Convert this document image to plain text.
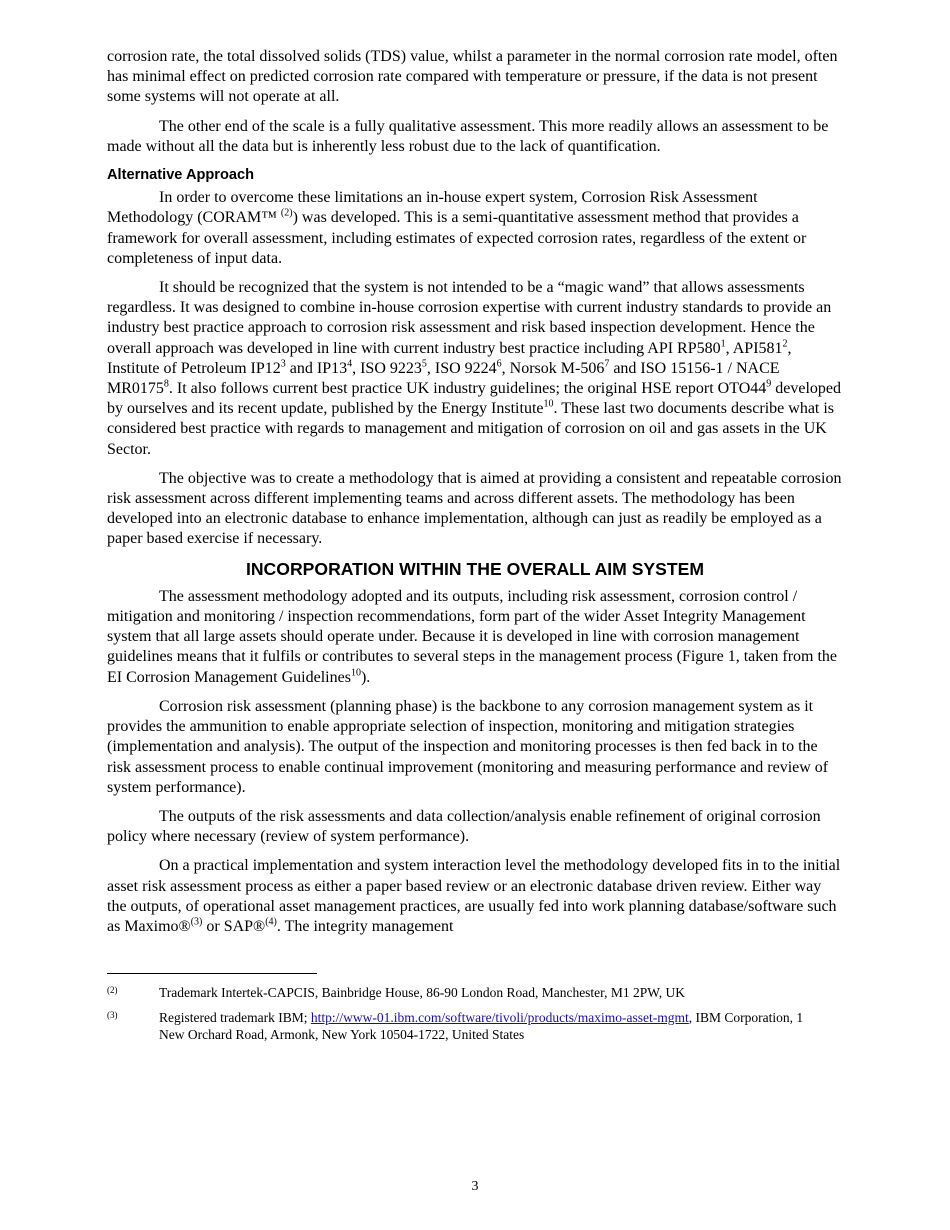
corrosion rate, the total dissolved solids (TDS) value, whilst a parameter in the normal corrosion rate model, often has minimal effect on predicted corrosion rate compared with temperature or pressure, if the data is not present some systems will not operate at all.

The other end of the scale is a fully qualitative assessment. This more readily allows an assessment to be made without all the data but is inherently less robust due to the lack of quantification.

Alternative Approach

In order to overcome these limitations an in-house expert system, Corrosion Risk Assessment Methodology (CORAM™ $^{(2)}$) was developed. This is a semi-quantitative assessment method that provides a framework for overall assessment, including estimates of expected corrosion rates, regardless of the extent or completeness of input data.

It should be recognized that the system is not intended to be a “magic wand” that allows assessments regardless. It was designed to combine in-house corrosion expertise with current industry standards to provide an industry best practice approach to corrosion risk assessment and risk based inspection development. Hence the overall approach was developed in line with current industry best practice including API $RP580^1$, $API581^2$, Institute of Petroleum $IP12^3$ and $IP13^4$, ISO 9223$^5$, ISO 9224$^6$, Norsok $M-506^7$ and ISO 15156-1 / NACE MR0175$^8$. It also follows current best practice UK industry guidelines; the original HSE report $OTO44^9$ developed by ourselves and its recent update, published by the Energy Institute$^{10}$. These last two documents describe what is considered best practice with regards to management and mitigation of corrosion on oil and gas assets in the UK Sector.

The objective was to create a methodology that is aimed at providing a consistent and repeatable corrosion risk assessment across different implementing teams and across different assets. The methodology has been developed into an electronic database to enhance implementation, although can just as readily be employed as a paper based exercise if necessary.

INCORPORATION WITHIN THE OVERALL AIM SYSTEM

The assessment methodology adopted and its outputs, including risk assessment, corrosion control / mitigation and monitoring / inspection recommendations, form part of the wider Asset Integrity Management system that all large assets should operate under. Because it is developed in line with corrosion management guidelines means that it fulfils or contributes to several steps in the management process (Figure 1, taken from the EI Corrosion Management Guidelines$^{10}$).

Corrosion risk assessment (planning phase) is the backbone to any corrosion management system as it provides the ammunition to enable appropriate selection of inspection, monitoring and mitigation strategies (implementation and analysis). The output of the inspection and monitoring processes is then fed back in to the risk assessment process to enable continual improvement (monitoring and measuring performance and review of system performance).

The outputs of the risk assessments and data collection/analysis enable refinement of original corrosion policy where necessary (review of system performance).

On a practical implementation and system interaction level the methodology developed fits in to the initial asset risk assessment process as either a paper based review or an electronic database driven review. Either way the outputs, of operational asset management practices, are usually fed into work planning database/software such as Maximo®$^{(3)}$ or SAP®$^{(4)}$. The integrity management

(2)	Trademark Intertek-CAPCIS, Bainbridge House, 86-90 London Road, Manchester, M1 2PW, UK
(3)	Registered trademark IBM; http://www-01.ibm.com/software/tivoli/products/maximo-asset-mgmt, IBM Corporation, 1 New Orchard Road, Armonk, New York 10504-1722, United States
3
